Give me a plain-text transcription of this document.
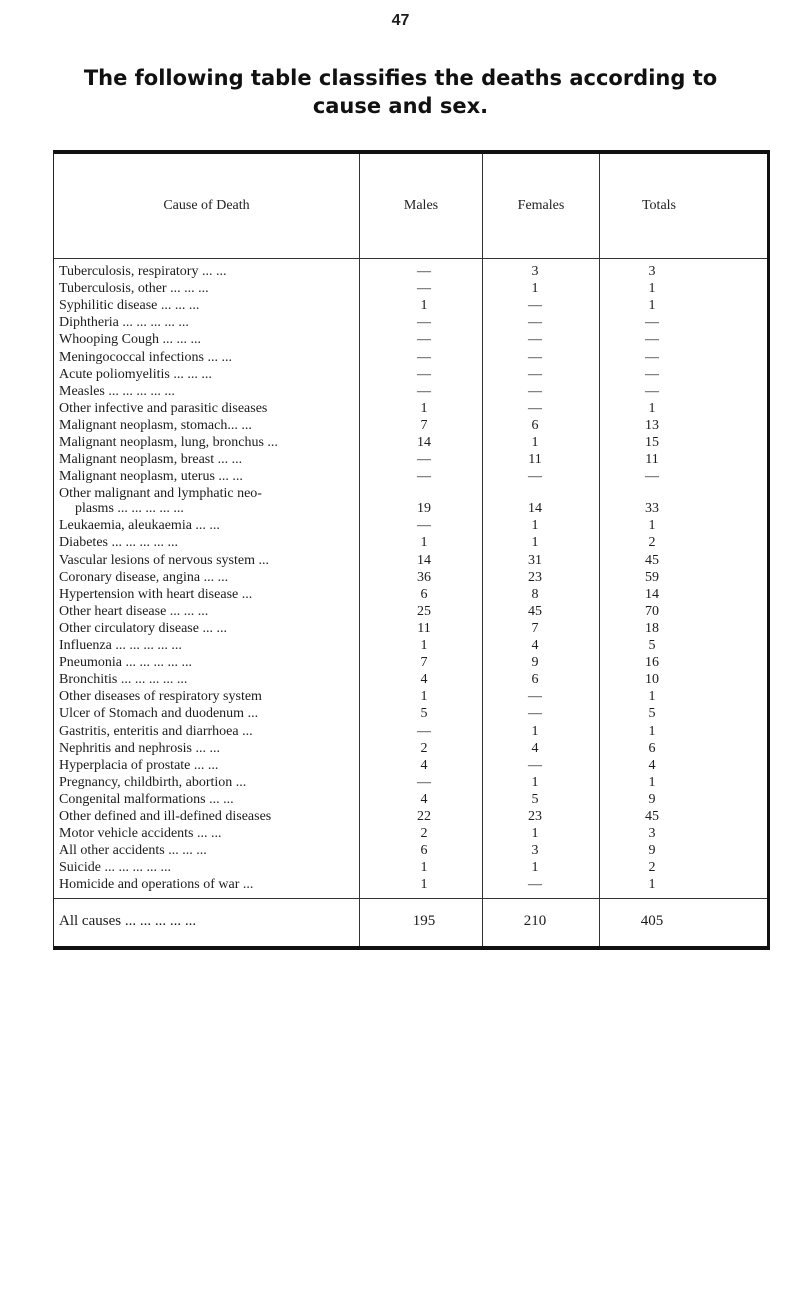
47
The following table classifies the deaths according to
cause and sex.
Cause of Death	Males	Females	Totals
Tuberculosis, respiratory ... ...	—	3	3
Tuberculosis, other ... ... ...	—	1	1
Syphilitic disease ... ... ...	1	—	1
Diphtheria ... ... ... ... ...	—	—	—
Whooping Cough ... ... ...	—	—	—
Meningococcal infections ... ...	—	—	—
Acute poliomyelitis ... ... ...	—	—	—
Measles ... ... ... ... ...	—	—	—
Other infective and parasitic diseases	1	—	1
Malignant neoplasm, stomach... ...	7	6	13
Malignant neoplasm, lung, bronchus ...	14	1	15
Malignant neoplasm, breast ... ...	—	11	11
Malignant neoplasm, uterus ... ...	—	—	—
Other malignant and lymphatic neo-
plasms ... ... ... ... ...	19	14	33
Leukaemia, aleukaemia ... ...	—	1	1
Diabetes ... ... ... ... ...	1	1	2
Vascular lesions of nervous system ...	14	31	45
Coronary disease, angina ... ...	36	23	59
Hypertension with heart disease ...	6	8	14
Other heart disease ... ... ...	25	45	70
Other circulatory disease ... ...	11	7	18
Influenza ... ... ... ... ...	1	4	5
Pneumonia ... ... ... ... ...	7	9	16
Bronchitis ... ... ... ... ...	4	6	10
Other diseases of respiratory system	1	—	1
Ulcer of Stomach and duodenum ...	5	—	5
Gastritis, enteritis and diarrhoea ...	—	1	1
Nephritis and nephrosis ... ...	2	4	6
Hyperplacia of prostate ... ...	4	—	4
Pregnancy, childbirth, abortion ...	—	1	1
Congenital malformations ... ...	4	5	9
Other defined and ill-defined diseases	22	23	45
Motor vehicle accidents ... ...	2	1	3
All other accidents ... ... ...	6	3	9
Suicide ... ... ... ... ...	1	1	2
Homicide and operations of war ...	1	—	1
All causes ... ... ... ... ...	195	210	405
